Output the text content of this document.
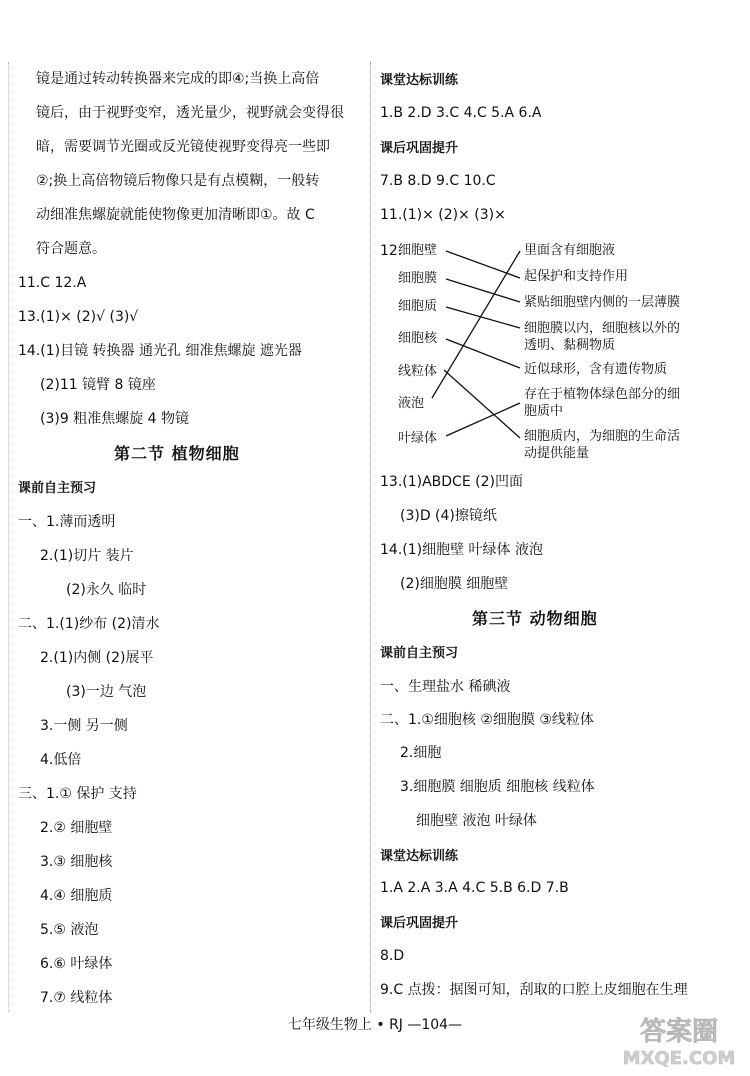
镜是通过转动转换器来完成的即④;当换上高倍
镜后，由于视野变窄，透光量少，视野就会变得很
暗，需要调节光圈或反光镜使视野变得亮一些即
②;换上高倍物镜后物像只是有点模糊，一般转
动细准焦螺旋就能使物像更加清晰即①。故 C
符合题意。
11.C 12.A
13.(1)× (2)√ (3)√
14.(1)目镜 转换器 通光孔 细准焦螺旋 遮光器
(2)11 镜臂 8 镜座
(3)9 粗准焦螺旋 4 物镜
第二节 植物细胞
课前自主预习
一、1.薄而透明
2.(1)切片 装片
(2)永久 临时
二、1.(1)纱布 (2)清水
2.(1)内侧 (2)展平
(3)一边 气泡
3.一侧 另一侧
4.低倍
三、1.① 保护 支持
2.② 细胞壁
3.③ 细胞核
4.④ 细胞质
5.⑤ 液泡
6.⑥ 叶绿体
7.⑦ 线粒体
课堂达标训练
1.B 2.D 3.C 4.C 5.A 6.A
课后巩固提升
7.B 8.D 9.C 10.C
11.(1)× (2)× (3)×
12.
细胞壁
细胞膜
细胞质
细胞核
线粒体
液泡
叶绿体
里面含有细胞液
起保护和支持作用
紧贴细胞壁内侧的一层薄膜
细胞膜以内，细胞核以外的
透明、黏稠物质
近似球形，含有遗传物质
存在于植物体绿色部分的细
胞质中
细胞质内，为细胞的生命活
动提供能量
13.(1)ABDCE (2)凹面
(3)D (4)擦镜纸
14.(1)细胞壁 叶绿体 液泡
(2)细胞膜 细胞壁
第三节 动物细胞
课前自主预习
一、生理盐水 稀碘液
二、1.①细胞核 ②细胞膜 ③线粒体
2.细胞
3.细胞膜 细胞质 细胞核 线粒体
细胞壁 液泡 叶绿体
课堂达标训练
1.A 2.A 3.A 4.C 5.B 6.D 7.B
课后巩固提升
8.D
9.C 点拨：据图可知，刮取的口腔上皮细胞在生理
七年级生物上 • RJ —104—	答案圈
MXQE.COM
